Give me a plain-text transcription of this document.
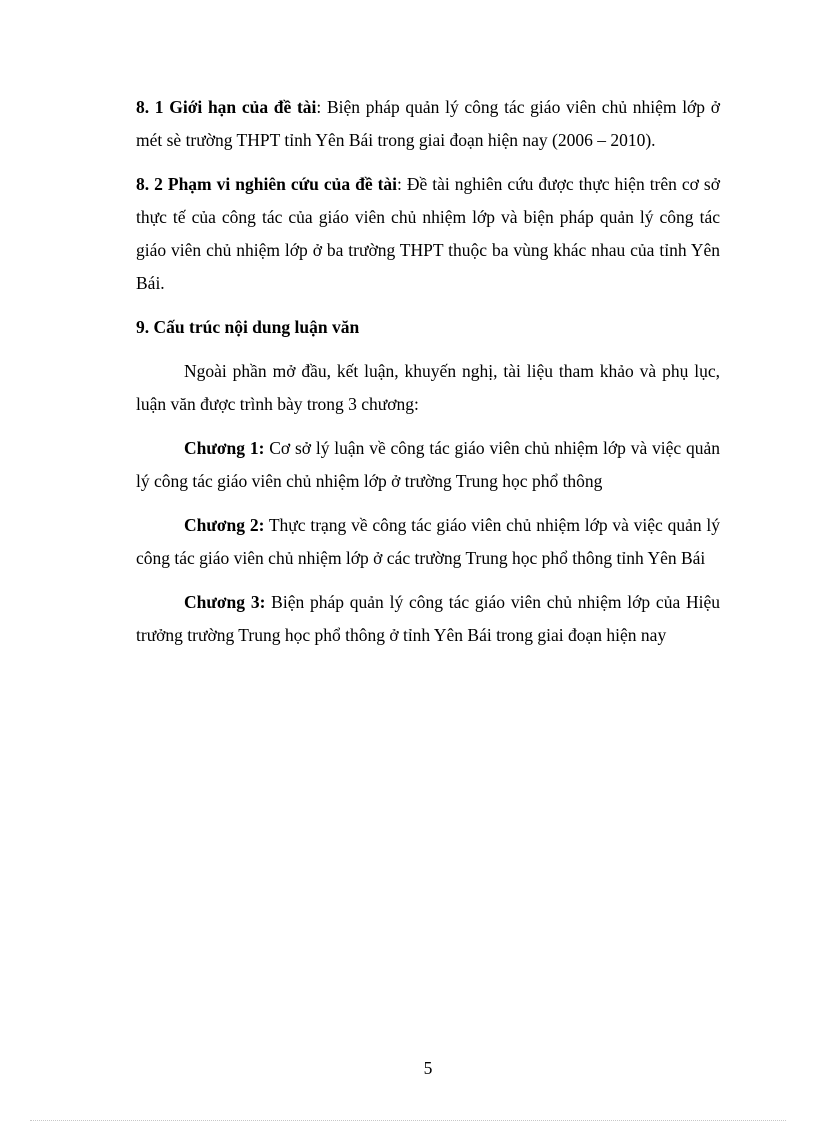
8. 1 Giới hạn của đề tài: Biện pháp quản lý công tác giáo viên chủ nhiệm lớp ở mét sè trường THPT tỉnh Yên Bái trong giai đoạn hiện nay (2006 – 2010).

8. 2 Phạm vi nghiên cứu của đề tài: Đề tài nghiên cứu được thực hiện trên cơ sở thực tế của công tác của giáo viên chủ nhiệm lớp và biện pháp quản lý công tác giáo viên chủ nhiệm lớp ở ba trường THPT thuộc ba vùng khác nhau của tỉnh Yên Bái.

9. Cấu trúc nội dung luận văn

Ngoài phần mở đầu, kết luận, khuyến nghị, tài liệu tham khảo và phụ lục, luận văn được trình bày trong 3 chương:

Chương 1: Cơ sở lý luận về công tác giáo viên chủ nhiệm lớp và việc quản lý công tác giáo viên chủ nhiệm lớp ở trường Trung học phổ thông

Chương 2: Thực trạng về công tác giáo viên chủ nhiệm lớp và việc quản lý công tác giáo viên chủ nhiệm lớp ở các trường Trung học phổ thông tỉnh Yên Bái

Chương 3: Biện pháp quản lý công tác giáo viên chủ nhiệm lớp của Hiệu trưởng trường Trung học phổ thông ở tỉnh Yên Bái trong giai đoạn hiện nay

5
